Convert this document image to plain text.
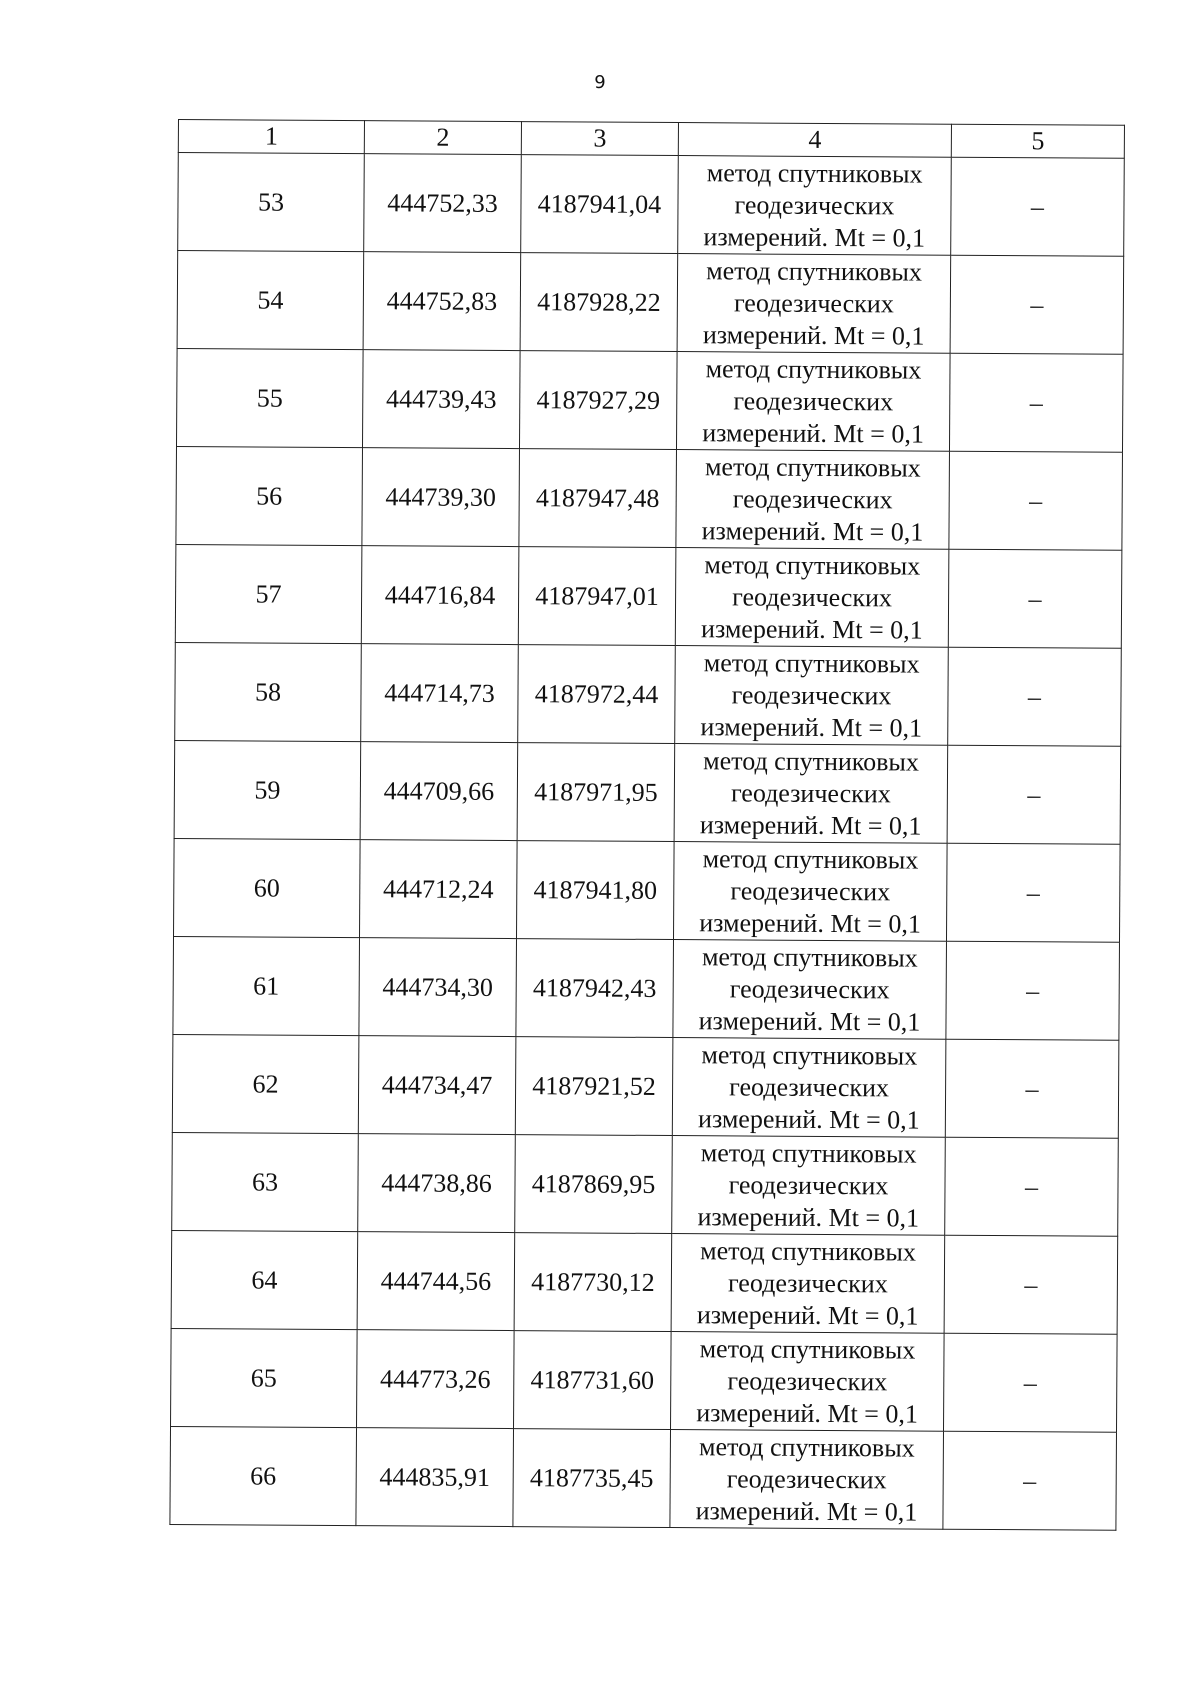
9
1	2	3	4	5
53	444752,33	4187941,04	метод спутниковых
геодезических
измерений. Mt = 0,1	–
54	444752,83	4187928,22	метод спутниковых
геодезических
измерений. Mt = 0,1	–
55	444739,43	4187927,29	метод спутниковых
геодезических
измерений. Mt = 0,1	–
56	444739,30	4187947,48	метод спутниковых
геодезических
измерений. Mt = 0,1	–
57	444716,84	4187947,01	метод спутниковых
геодезических
измерений. Mt = 0,1	–
58	444714,73	4187972,44	метод спутниковых
геодезических
измерений. Mt = 0,1	–
59	444709,66	4187971,95	метод спутниковых
геодезических
измерений. Mt = 0,1	–
60	444712,24	4187941,80	метод спутниковых
геодезических
измерений. Mt = 0,1	–
61	444734,30	4187942,43	метод спутниковых
геодезических
измерений. Mt = 0,1	–
62	444734,47	4187921,52	метод спутниковых
геодезических
измерений. Mt = 0,1	–
63	444738,86	4187869,95	метод спутниковых
геодезических
измерений. Mt = 0,1	–
64	444744,56	4187730,12	метод спутниковых
геодезических
измерений. Mt = 0,1	–
65	444773,26	4187731,60	метод спутниковых
геодезических
измерений. Mt = 0,1	–
66	444835,91	4187735,45	метод спутниковых
геодезических
измерений. Mt = 0,1	–
